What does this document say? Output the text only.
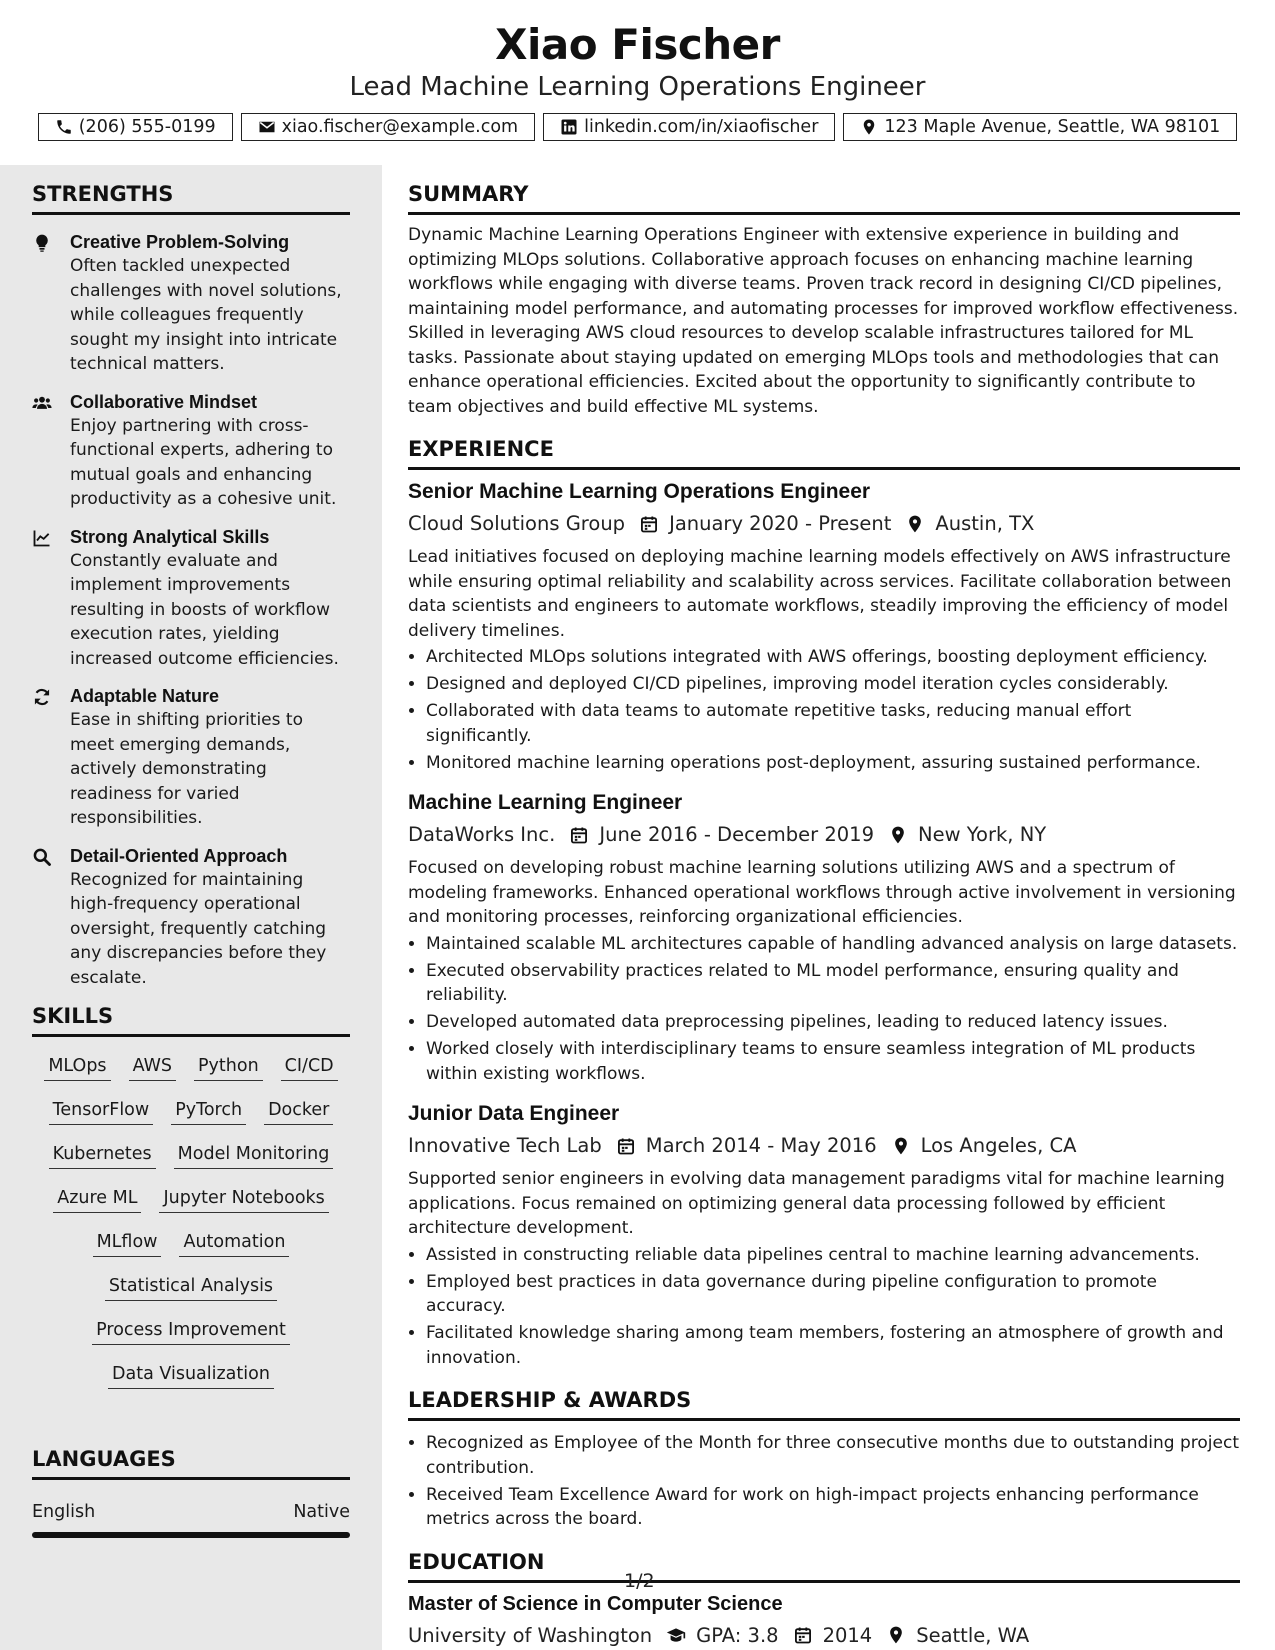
Xiao Fischer
Lead Machine Learning Operations Engineer
(206) 555-0199	xiao.fischer@example.com	linkedin.com/in/xiaofischer	123 Maple Avenue, Seattle, WA 98101
STRENGTHS
Creative Problem-Solving
Often tackled unexpected challenges with novel solutions, while colleagues frequently sought my insight into intricate technical matters.
Collaborative Mindset
Enjoy partnering with cross-functional experts, adhering to mutual goals and enhancing productivity as a cohesive unit.
Strong Analytical Skills
Constantly evaluate and implement improvements resulting in boosts of workflow execution rates, yielding increased outcome efficiencies.
Adaptable Nature
Ease in shifting priorities to meet emerging demands, actively demonstrating readiness for varied responsibilities.
Detail-Oriented Approach
Recognized for maintaining high-frequency operational oversight, frequently catching any discrepancies before they escalate.
SKILLS
MLOps AWS Python CI/CD
TensorFlow PyTorch Docker
Kubernetes Model Monitoring
Azure ML Jupyter Notebooks
MLflow Automation
Statistical Analysis
Process Improvement
Data Visualization
LANGUAGES
English	Native
SUMMARY
Dynamic Machine Learning Operations Engineer with extensive experience in building and optimizing MLOps solutions. Collaborative approach focuses on enhancing machine learning workflows while engaging with diverse teams. Proven track record in designing CI/CD pipelines, maintaining model performance, and automating processes for improved workflow effectiveness. Skilled in leveraging AWS cloud resources to develop scalable infrastructures tailored for ML tasks. Passionate about staying updated on emerging MLOps tools and methodologies that can enhance operational efficiencies. Excited about the opportunity to significantly contribute to team objectives and build effective ML systems.
EXPERIENCE
Senior Machine Learning Operations Engineer
Cloud Solutions Group January 2020 - Present Austin, TX
Lead initiatives focused on deploying machine learning models effectively on AWS infrastructure while ensuring optimal reliability and scalability across services. Facilitate collaboration between data scientists and engineers to automate workflows, steadily improving the efficiency of model delivery timelines.
• Architected MLOps solutions integrated with AWS offerings, boosting deployment efficiency.
• Designed and deployed CI/CD pipelines, improving model iteration cycles considerably.
• Collaborated with data teams to automate repetitive tasks, reducing manual effort significantly.
• Monitored machine learning operations post-deployment, assuring sustained performance.
Machine Learning Engineer
DataWorks Inc. June 2016 - December 2019 New York, NY
Focused on developing robust machine learning solutions utilizing AWS and a spectrum of modeling frameworks. Enhanced operational workflows through active involvement in versioning and monitoring processes, reinforcing organizational efficiencies.
• Maintained scalable ML architectures capable of handling advanced analysis on large datasets.
• Executed observability practices related to ML model performance, ensuring quality and reliability.
• Developed automated data preprocessing pipelines, leading to reduced latency issues.
• Worked closely with interdisciplinary teams to ensure seamless integration of ML products within existing workflows.
Junior Data Engineer
Innovative Tech Lab March 2014 - May 2016 Los Angeles, CA
Supported senior engineers in evolving data management paradigms vital for machine learning applications. Focus remained on optimizing general data processing followed by efficient architecture development.
• Assisted in constructing reliable data pipelines central to machine learning advancements.
• Employed best practices in data governance during pipeline configuration to promote accuracy.
• Facilitated knowledge sharing among team members, fostering an atmosphere of growth and innovation.
LEADERSHIP & AWARDS
• Recognized as Employee of the Month for three consecutive months due to outstanding project contribution.
• Received Team Excellence Award for work on high-impact projects enhancing performance metrics across the board.
EDUCATION
Master of Science in Computer Science
University of Washington GPA: 3.8 2014 Seattle, WA
1/2
